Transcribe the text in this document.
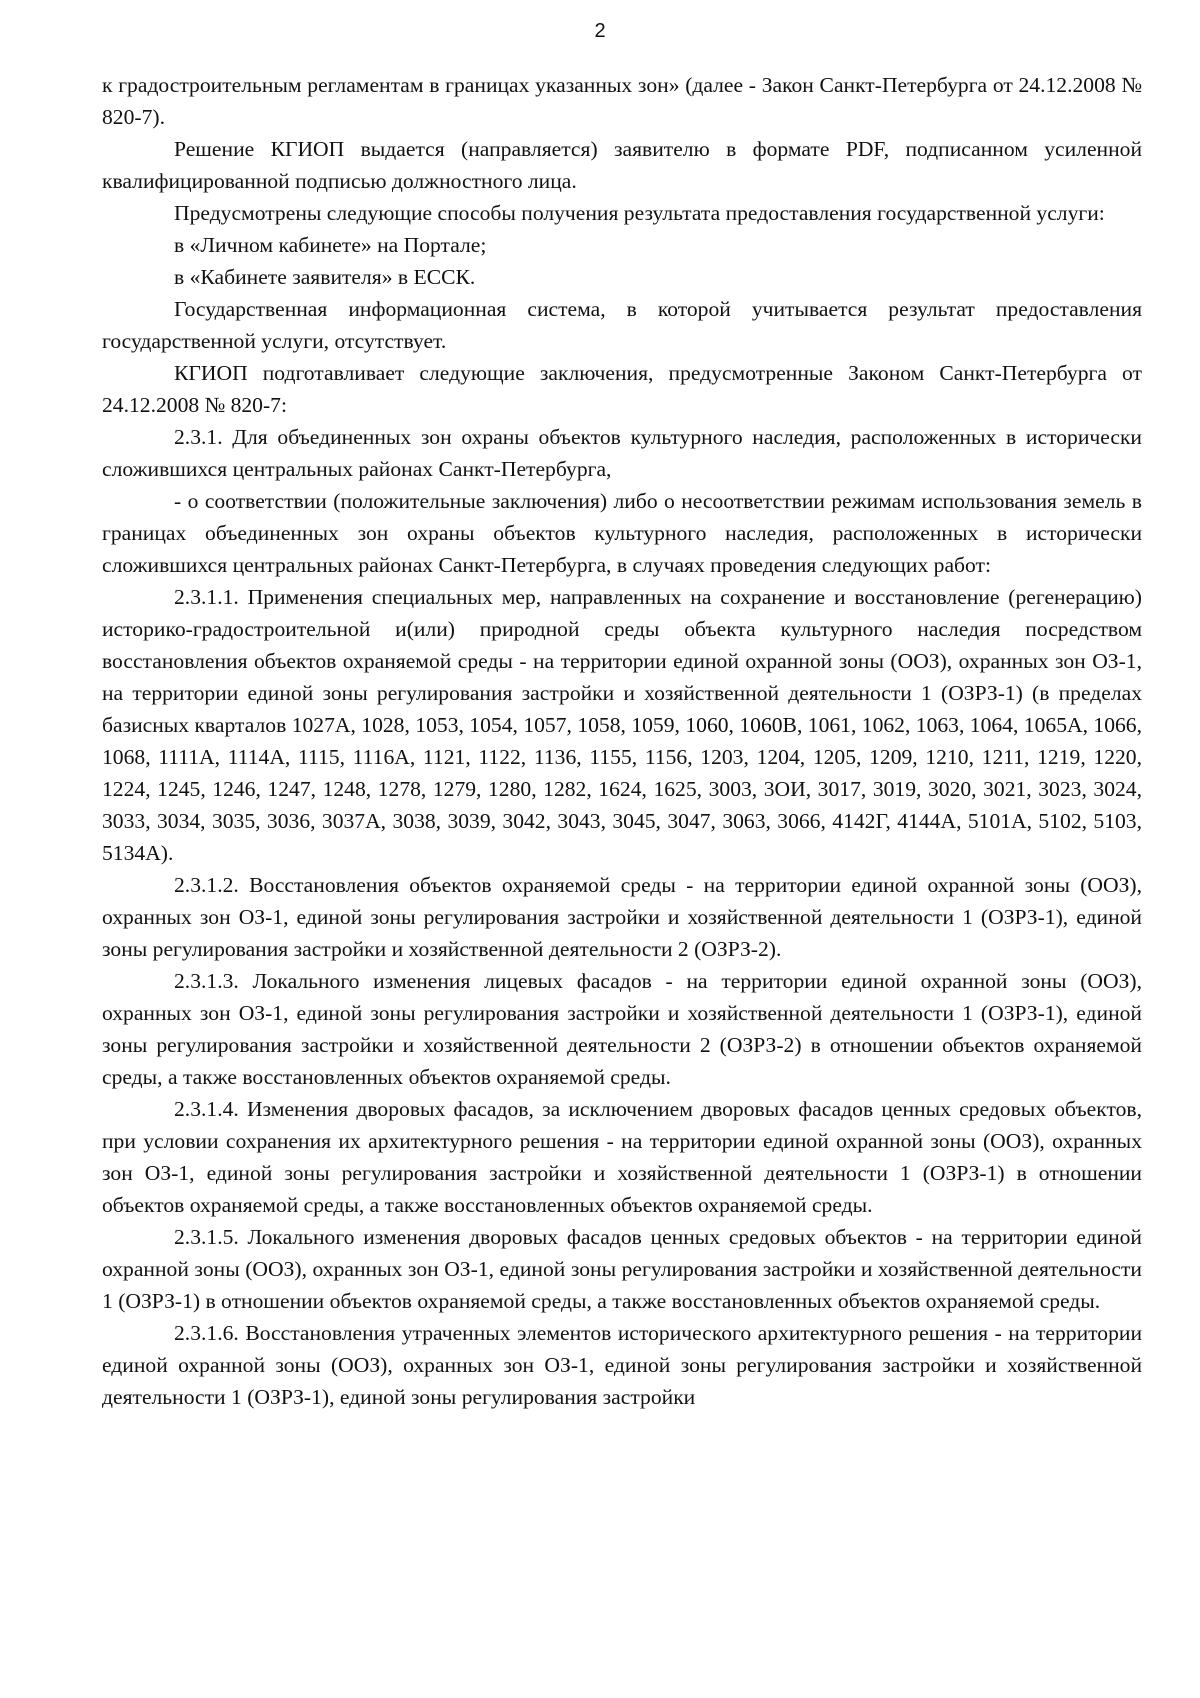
2

к градостроительным регламентам в границах указанных зон» (далее - Закон Санкт-Петербурга от 24.12.2008 № 820-7).

Решение КГИОП выдается (направляется) заявителю в формате PDF, подписанном усиленной квалифицированной подписью должностного лица.

Предусмотрены следующие способы получения результата предоставления государственной услуги:

в «Личном кабинете» на Портале;

в «Кабинете заявителя» в ЕССК.

Государственная информационная система, в которой учитывается результат предоставления государственной услуги, отсутствует.

КГИОП подготавливает следующие заключения, предусмотренные Законом Санкт-Петербурга от 24.12.2008 № 820-7:

2.3.1. Для объединенных зон охраны объектов культурного наследия, расположенных в исторически сложившихся центральных районах Санкт-Петербурга,

- о соответствии (положительные заключения) либо о несоответствии режимам использования земель в границах объединенных зон охраны объектов культурного наследия, расположенных в исторически сложившихся центральных районах Санкт-Петербурга, в случаях проведения следующих работ:

2.3.1.1. Применения специальных мер, направленных на сохранение и восстановление (регенерацию) историко-градостроительной и(или) природной среды объекта культурного наследия посредством восстановления объектов охраняемой среды - на территории единой охранной зоны (ООЗ), охранных зон ОЗ-1, на территории единой зоны регулирования застройки и хозяйственной деятельности 1 (ОЗРЗ-1) (в пределах базисных кварталов 1027А, 1028, 1053, 1054, 1057, 1058, 1059, 1060, 1060В, 1061, 1062, 1063, 1064, 1065А, 1066, 1068, 1111А, 1114А, 1115, 1116А, 1121, 1122, 1136, 1155, 1156, 1203, 1204, 1205, 1209, 1210, 1211, 1219, 1220, 1224, 1245, 1246, 1247, 1248, 1278, 1279, 1280, 1282, 1624, 1625, 3003, 3ОИ, 3017, 3019, 3020, 3021, 3023, 3024, 3033, 3034, 3035, 3036, 3037А, 3038, 3039, 3042, 3043, 3045, 3047, 3063, 3066, 4142Г, 4144А, 5101А, 5102, 5103, 5134А).

2.3.1.2. Восстановления объектов охраняемой среды - на территории единой охранной зоны (ООЗ), охранных зон ОЗ-1, единой зоны регулирования застройки и хозяйственной деятельности 1 (ОЗРЗ-1), единой зоны регулирования застройки и хозяйственной деятельности 2 (ОЗРЗ-2).

2.3.1.3. Локального изменения лицевых фасадов - на территории единой охранной зоны (ООЗ), охранных зон ОЗ-1, единой зоны регулирования застройки и хозяйственной деятельности 1 (ОЗРЗ-1), единой зоны регулирования застройки и хозяйственной деятельности 2 (ОЗРЗ-2) в отношении объектов охраняемой среды, а также восстановленных объектов охраняемой среды.

2.3.1.4. Изменения дворовых фасадов, за исключением дворовых фасадов ценных средовых объектов, при условии сохранения их архитектурного решения - на территории единой охранной зоны (ООЗ), охранных зон ОЗ-1, единой зоны регулирования застройки и хозяйственной деятельности 1 (ОЗРЗ-1) в отношении объектов охраняемой среды, а также восстановленных объектов охраняемой среды.

2.3.1.5. Локального изменения дворовых фасадов ценных средовых объектов - на территории единой охранной зоны (ООЗ), охранных зон ОЗ-1, единой зоны регулирования застройки и хозяйственной деятельности 1 (ОЗРЗ-1) в отношении объектов охраняемой среды, а также восстановленных объектов охраняемой среды.

2.3.1.6. Восстановления утраченных элементов исторического архитектурного решения - на территории единой охранной зоны (ООЗ), охранных зон ОЗ-1, единой зоны регулирования застройки и хозяйственной деятельности 1 (ОЗРЗ-1), единой зоны регулирования застройки
